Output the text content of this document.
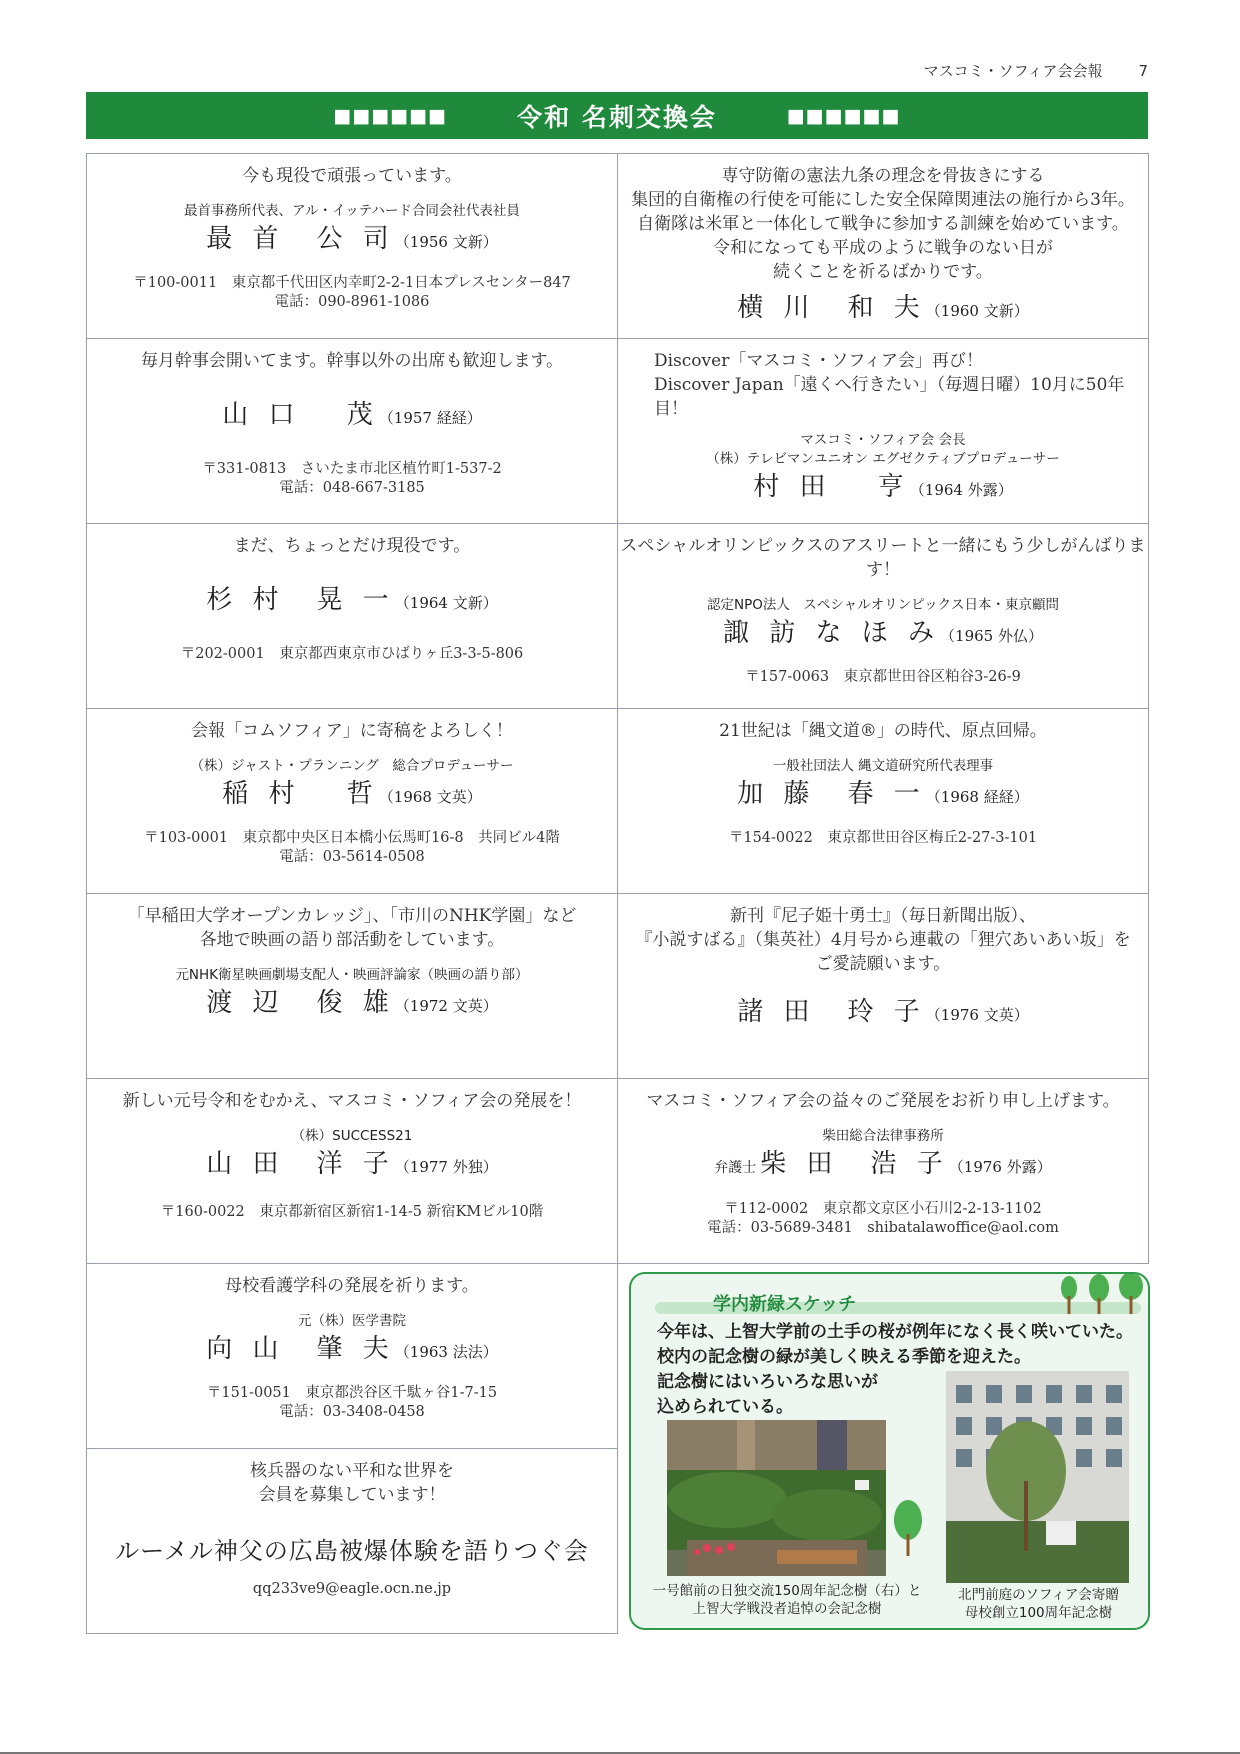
マスコミ・ソフィア会会報 7
■■■■■■	令和 名刺交換会	■■■■■■
今も現役で頑張っています。
最首事務所代表、アル・イッテハード合同会社代表社員
最 首　公 司（1956 文新）
〒100-0011　東京都千代田区内幸町2-2-1日本プレスセンター847
電話：090-8961-1086
専守防衛の憲法九条の理念を骨抜きにする
集団的自衛権の行使を可能にした安全保障関連法の施行から3年。
自衛隊は米軍と一体化して戦争に参加する訓練を始めています。
令和になっても平成のように戦争のない日が
続くことを祈るばかりです。
横 川　和 夫（1960 文新）
毎月幹事会開いてます。幹事以外の出席も歓迎します。
山 口　 茂（1957 経経）
〒331-0813　さいたま市北区植竹町1-537-2
電話：048-667-3185
Discover「マスコミ・ソフィア会」再び！
Discover Japan「遠くへ行きたい」（毎週日曜）10月に50年目！
マスコミ・ソフィア会 会長
（株）テレビマンユニオン エグゼクティブプロデューサー
村 田　 亨（1964 外露）
まだ、ちょっとだけ現役です。
杉 村　晃 一（1964 文新）
〒202-0001　東京都西東京市ひばりヶ丘3-3-5-806
スペシャルオリンピックスのアスリートと一緒にもう少しがんばります！
認定NPO法人　スペシャルオリンピックス日本・東京顧問
諏 訪 な ほ み（1965 外仏）
〒157-0063　東京都世田谷区粕谷3-26-9
会報「コムソフィア」に寄稿をよろしく！
（株）ジャスト・プランニング　総合プロデューサー
稲 村　 哲（1968 文英）
〒103-0001　東京都中央区日本橋小伝馬町16-8　共同ビル4階
電話：03-5614-0508
21世紀は「縄文道®」の時代、原点回帰。
一般社団法人 縄文道研究所代表理事
加 藤　春 一（1968 経経）
〒154-0022　東京都世田谷区梅丘2-27-3-101
「早稲田大学オープンカレッジ」、「市川のNHK学園」など
各地で映画の語り部活動をしています。
元NHK衛星映画劇場支配人・映画評論家（映画の語り部）
渡 辺　俊 雄（1972 文英）
新刊『尼子姫十勇士』（毎日新聞出版）、
『小説すばる』（集英社）4月号から連載の「狸穴あいあい坂」を
ご愛読願います。
諸 田　玲 子（1976 文英）
新しい元号令和をむかえ、マスコミ・ソフィア会の発展を！
（株）SUCCESS21
山 田　洋 子（1977 外独）
〒160-0022　東京都新宿区新宿1-14-5 新宿KMビル10階
マスコミ・ソフィア会の益々のご発展をお祈り申し上げます。
柴田総合法律事務所
弁護士 柴 田　浩 子（1976 外露）
〒112-0002　東京都文京区小石川2-2-13-1102
電話：03-5689-3481　shibatalawoffice@aol.com
母校看護学科の発展を祈ります。
元（株）医学書院
向 山　肇 夫（1963 法法）
〒151-0051　東京都渋谷区千駄ヶ谷1-7-15
電話：03-3408-0458
核兵器のない平和な世界を
会員を募集しています！
ルーメル神父の広島被爆体験を語りつぐ会
qq233ve9@eagle.ocn.ne.jp
学内新緑スケッチ
今年は、上智大学前の土手の桜が例年になく長く咲いていた。
校内の記念樹の緑が美しく映える季節を迎えた。
記念樹にはいろいろな思いが
込められている。
一号館前の日独交流150周年記念樹（右）と
上智大学戦没者追悼の会記念樹
北門前庭のソフィア会寄贈
母校創立100周年記念樹
